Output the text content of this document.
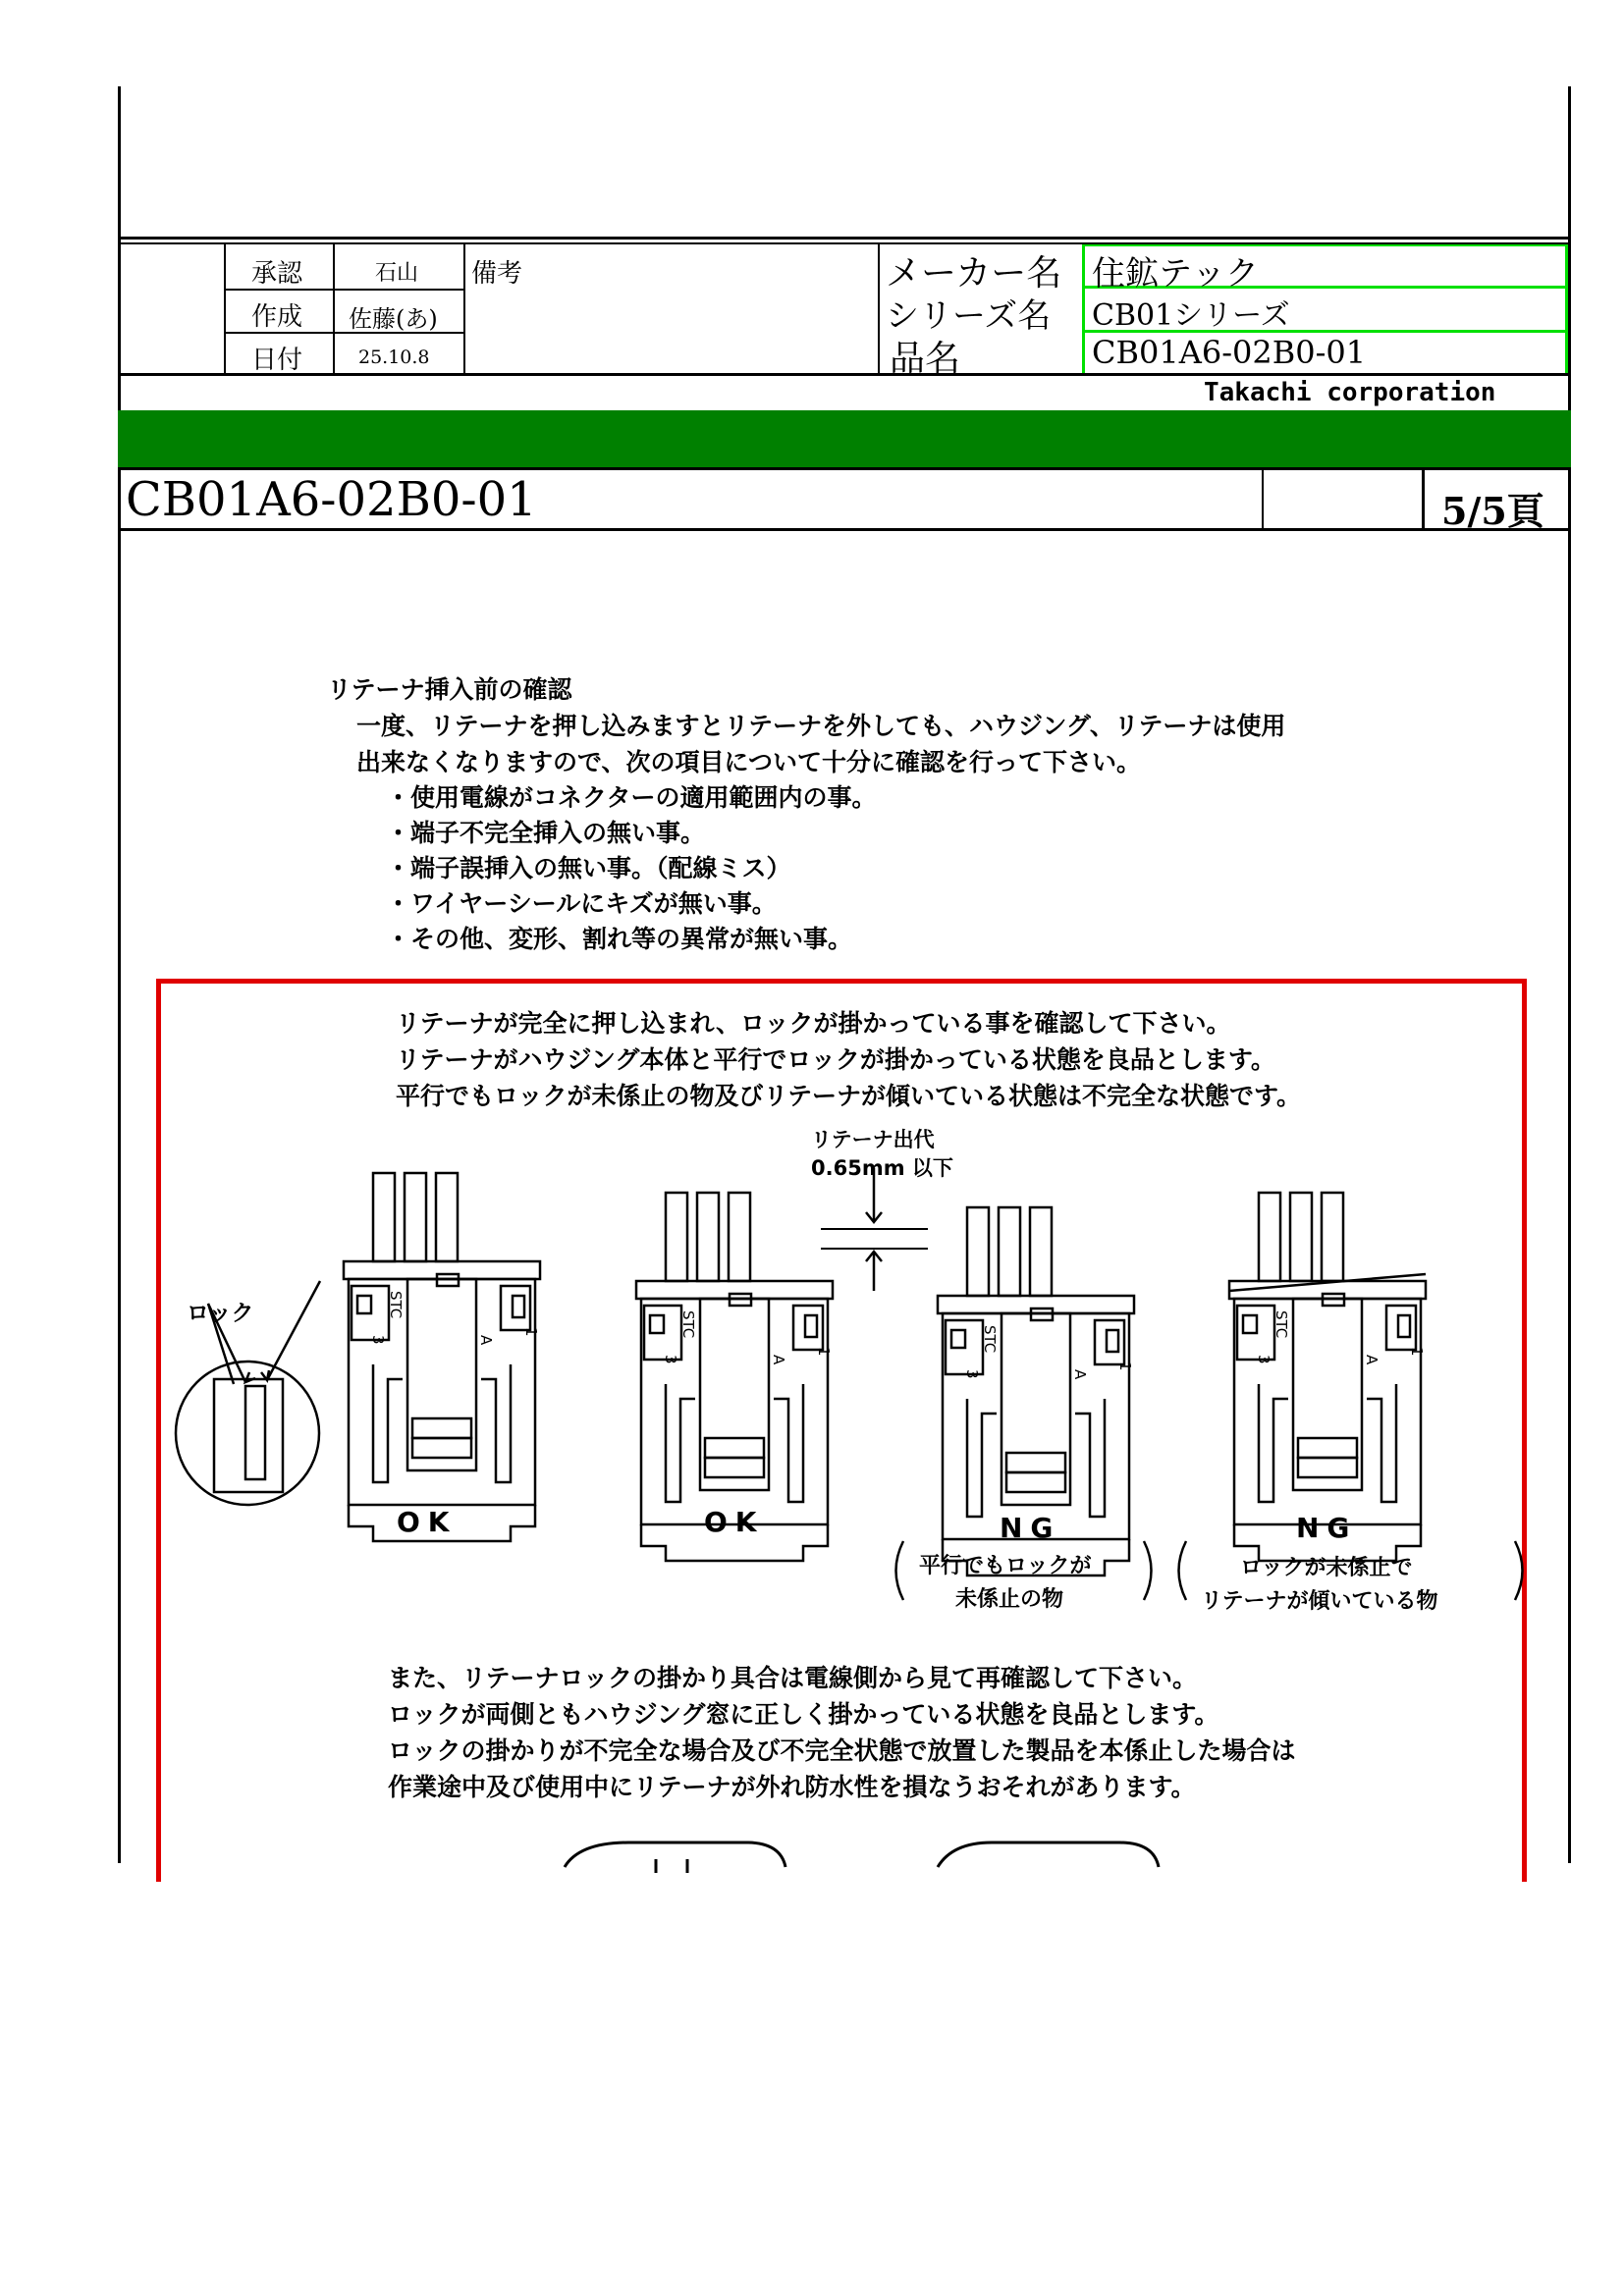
承認	石山
作成 佐藤(あ)
日付	25.10.8
備考	メーカー名 住鉱テック
シリーズ名 CB01シリーズ
品名	CB01A6-02B0-01
Takachi corporation
CB01A6-02B0-01	5/5頁
リテーナ挿入前の確認
一度、リテーナを押し込みますとリテーナを外しても、ハウジング、リテーナは使用
出来なくなりますので、次の項目について十分に確認を行って下さい。
・使用電線がコネクターの適用範囲内の事。
・端子不完全挿入の無い事。
・端子誤挿入の無い事。（配線ミス）
・ワイヤーシールにキズが無い事。
・その他、変形、割れ等の異常が無い事。
リテーナが完全に押し込まれ、ロックが掛かっている事を確認して下さい。
リテーナがハウジング本体と平行でロックが掛かっている状態を良品とします。
平行でもロックが未係止の物及びリテーナが傾いている状態は不完全な状態です。
STC
3	A
1	STC
3	A
1	STC
3	A
1
STC
3	A
1
ロック
リテーナ出代
0.65mm 以下
OK	OK	NG	NG
平行でもロックが
未係止の物
ロックが未係止で
リテーナが傾いている物
また、リテーナロックの掛かり具合は電線側から見て再確認して下さい。
ロックが両側ともハウジング窓に正しく掛かっている状態を良品とします。
ロックの掛かりが不完全な場合及び不完全状態で放置した製品を本係止した場合は
作業途中及び使用中にリテーナが外れ防水性を損なうおそれがあります。
